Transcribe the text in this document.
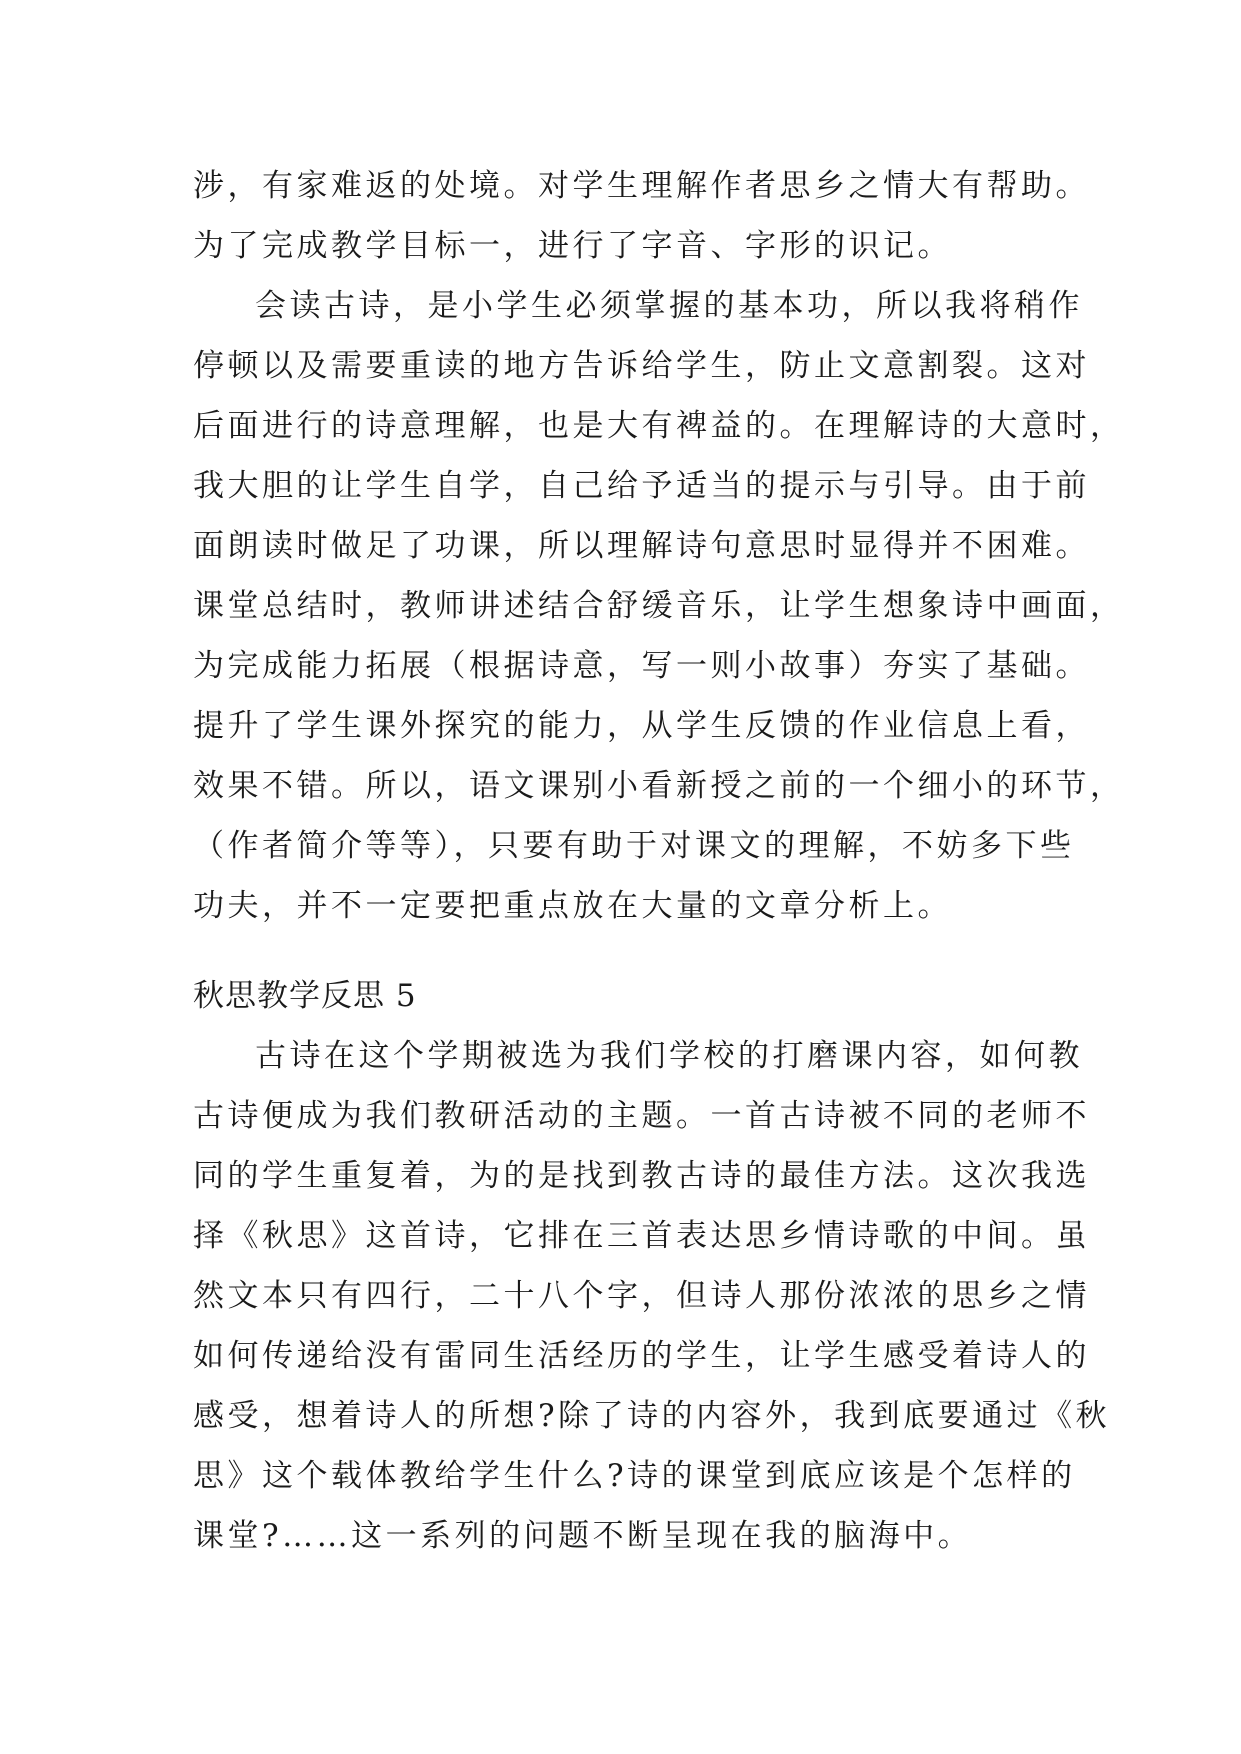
涉，有家难返的处境。对学生理解作者思乡之情大有帮助。
为了完成教学目标一，进行了字音、字形的识记。
会读古诗，是小学生必须掌握的基本功，所以我将稍作
停顿以及需要重读的地方告诉给学生，防止文意割裂。这对
后面进行的诗意理解，也是大有裨益的。在理解诗的大意时，
我大胆的让学生自学，自己给予适当的提示与引导。由于前
面朗读时做足了功课，所以理解诗句意思时显得并不困难。
课堂总结时，教师讲述结合舒缓音乐，让学生想象诗中画面，
为完成能力拓展（根据诗意，写一则小故事）夯实了基础。
提升了学生课外探究的能力，从学生反馈的作业信息上看，
效果不错。所以，语文课别小看新授之前的一个细小的环节，
（作者简介等等），只要有助于对课文的理解，不妨多下些
功夫，并不一定要把重点放在大量的文章分析上。
秋思教学反思 5
古诗在这个学期被选为我们学校的打磨课内容，如何教
古诗便成为我们教研活动的主题。一首古诗被不同的老师不
同的学生重复着，为的是找到教古诗的最佳方法。这次我选
择《秋思》这首诗，它排在三首表达思乡情诗歌的中间。虽
然文本只有四行，二十八个字，但诗人那份浓浓的思乡之情
如何传递给没有雷同生活经历的学生，让学生感受着诗人的
感受，想着诗人的所想?除了诗的内容外，我到底要通过《秋
思》这个载体教给学生什么?诗的课堂到底应该是个怎样的
课堂?……这一系列的问题不断呈现在我的脑海中。
